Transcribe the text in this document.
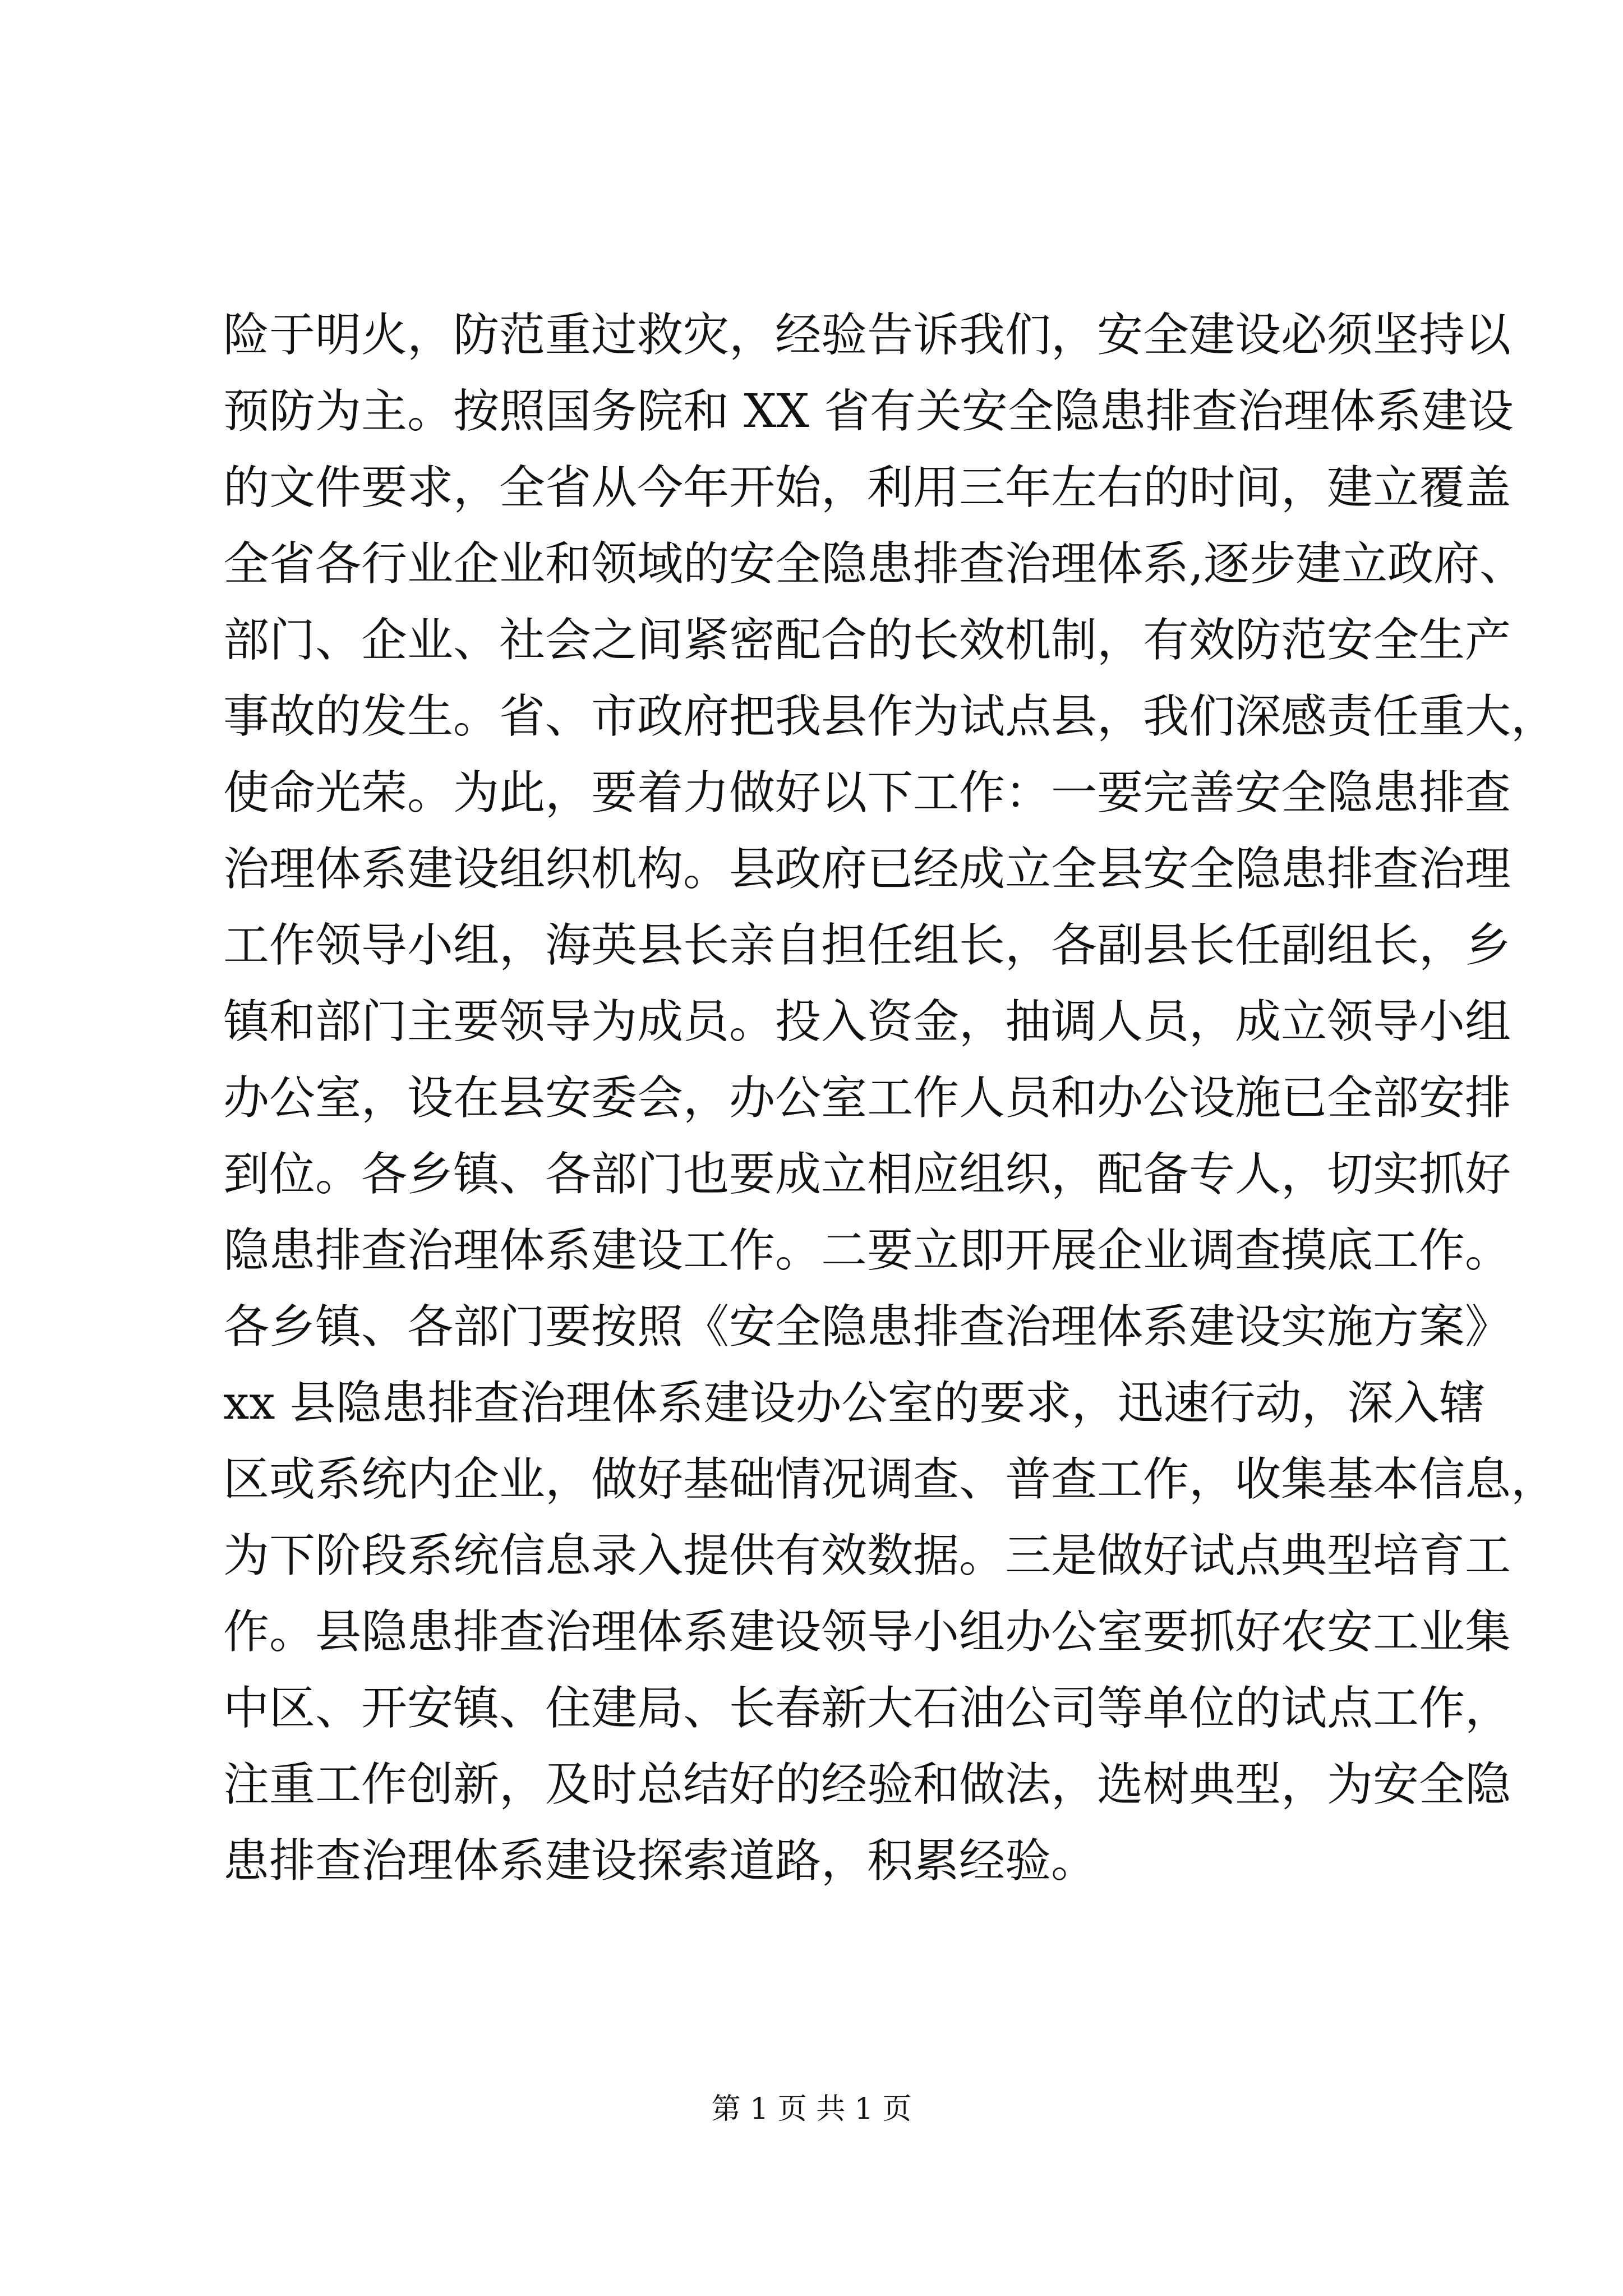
险于明火，防范重过救灾，经验告诉我们，安全建设必须坚持以
预防为主。按照国务院和 XX 省有关安全隐患排查治理体系建设
的文件要求，全省从今年开始，利用三年左右的时间，建立覆盖
全省各行业企业和领域的安全隐患排查治理体系,逐步建立政府、
部门、企业、社会之间紧密配合的长效机制，有效防范安全生产
事故的发生。省、市政府把我县作为试点县，我们深感责任重大，
使命光荣。为此，要着力做好以下工作：一要完善安全隐患排查
治理体系建设组织机构。县政府已经成立全县安全隐患排查治理
工作领导小组，海英县长亲自担任组长，各副县长任副组长，乡
镇和部门主要领导为成员。投入资金，抽调人员，成立领导小组
办公室，设在县安委会，办公室工作人员和办公设施已全部安排
到位。各乡镇、各部门也要成立相应组织，配备专人，切实抓好
隐患排查治理体系建设工作。二要立即开展企业调查摸底工作。
各乡镇、各部门要按照《安全隐患排查治理体系建设实施方案》
xx 县隐患排查治理体系建设办公室的要求，迅速行动，深入辖
区或系统内企业，做好基础情况调查、普查工作，收集基本信息，
为下阶段系统信息录入提供有效数据。三是做好试点典型培育工
作。县隐患排查治理体系建设领导小组办公室要抓好农安工业集
中区、开安镇、住建局、长春新大石油公司等单位的试点工作，
注重工作创新，及时总结好的经验和做法，选树典型，为安全隐
患排查治理体系建设探索道路，积累经验。
第 1 页 共 1 页
